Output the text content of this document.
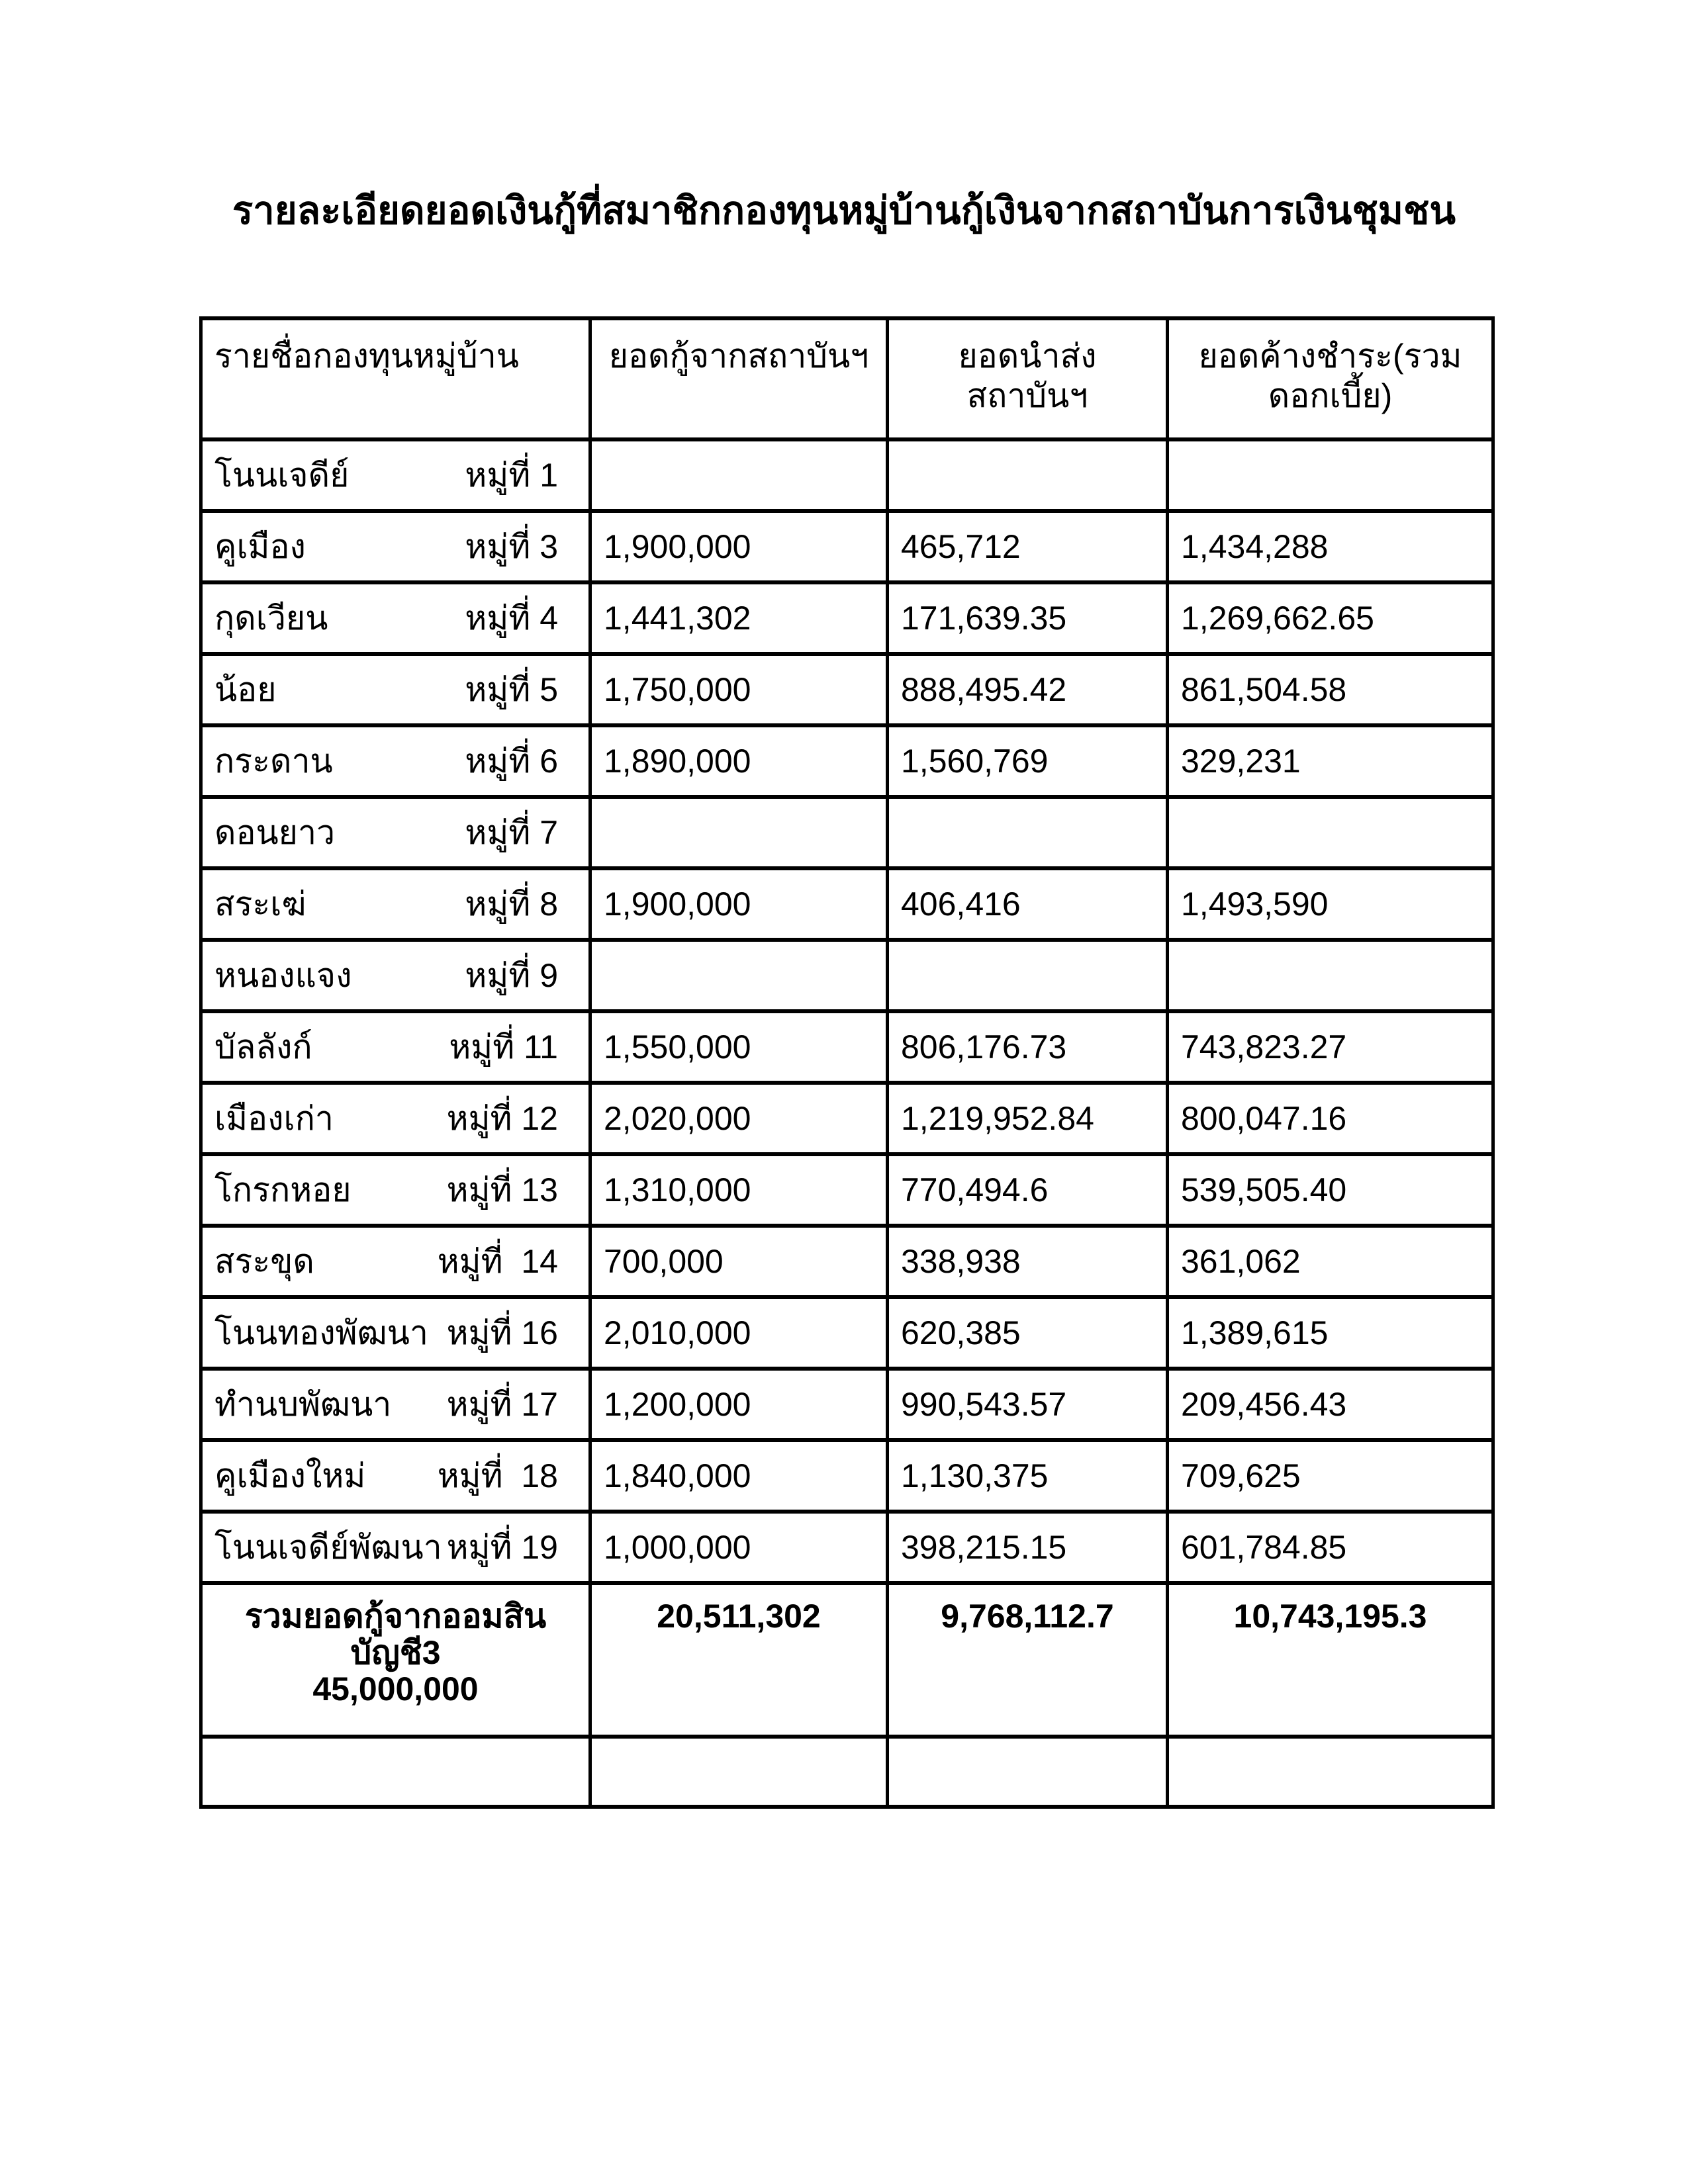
รายละเอียดยอดเงินกู้ที่สมาชิกกองทุนหมู่บ้านกู้เงินจากสถาบันการเงินชุมชน
รายชื่อกองทุนหมู่บ้าน	ยอดกู้จากสถาบันฯ	ยอดนำส่งสถาบันฯ	ยอดค้างชำระ(รวมดอกเบี้ย)

โนนเจดีย์ หมู่ที่ 1			

คูเมือง หมู่ที่ 3	1,900,000	465,712	1,434,288

กุดเวียน หมู่ที่ 4	1,441,302	171,639.35	1,269,662.65

น้อย หมู่ที่ 5	1,750,000	888,495.42	861,504.58

กระดาน หมู่ที่ 6	1,890,000	1,560,769	329,231

ดอนยาว หมู่ที่ 7			

สระเฆ่ หมู่ที่ 8	1,900,000	406,416	1,493,590

หนองแจง หมู่ที่ 9			

บัลลังก์ หมู่ที่ 11	1,550,000	806,176.73	743,823.27

เมืองเก่า หมู่ที่ 12	2,020,000	1,219,952.84	800,047.16

โกรกหอย หมู่ที่ 13	1,310,000	770,494.6	539,505.40

สระขุด หมู่ที่  14	700,000	338,938	361,062

โนนทองพัฒนา หมู่ที่ 16	2,010,000	620,385	1,389,615

ทำนบพัฒนา หมู่ที่ 17	1,200,000	990,543.57	209,456.43

คูเมืองใหม่ หมู่ที่  18	1,840,000	1,130,375	709,625

โนนเจดีย์พัฒนา หมู่ที่ 19	1,000,000	398,215.15	601,784.85

รวมยอดกู้จากออมสิน
บัญชี3
45,000,000	20,511,302	9,768,112.7	10,743,195.3
